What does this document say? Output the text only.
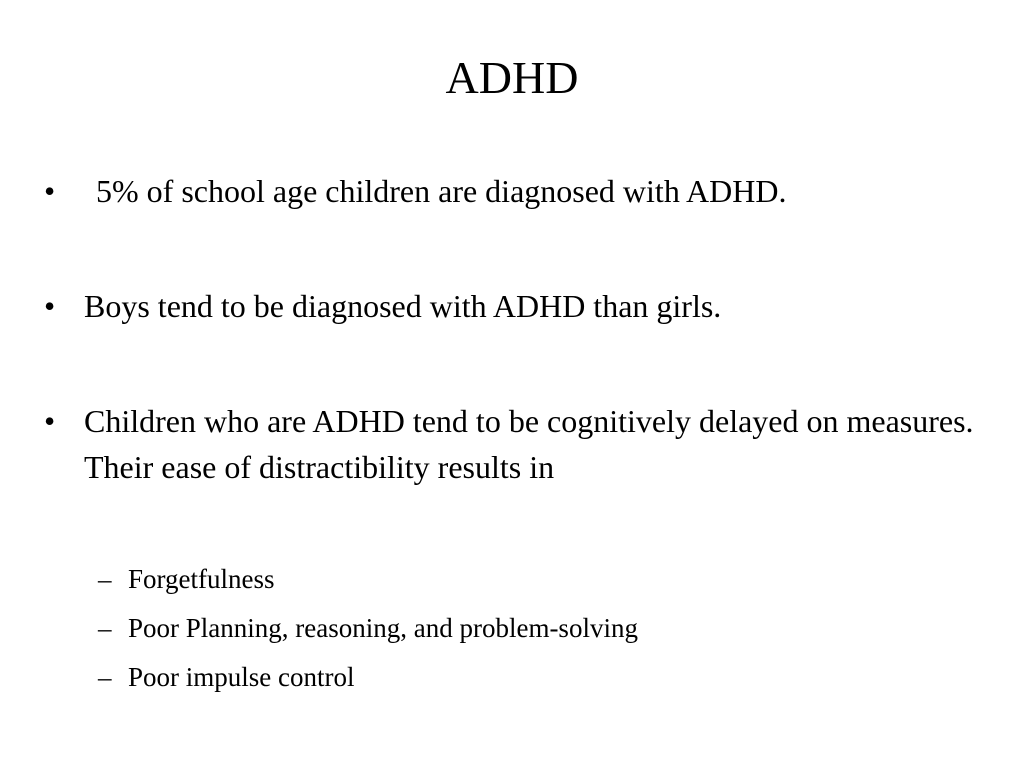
ADHD
•	5% of school age children are diagnosed with ADHD.
• Boys tend to be diagnosed with ADHD than girls.
• Children who are ADHD tend to be cognitively delayed on measures. Their ease of distractibility results in
– Forgetfulness
– Poor Planning, reasoning, and problem-solving
– Poor impulse control
